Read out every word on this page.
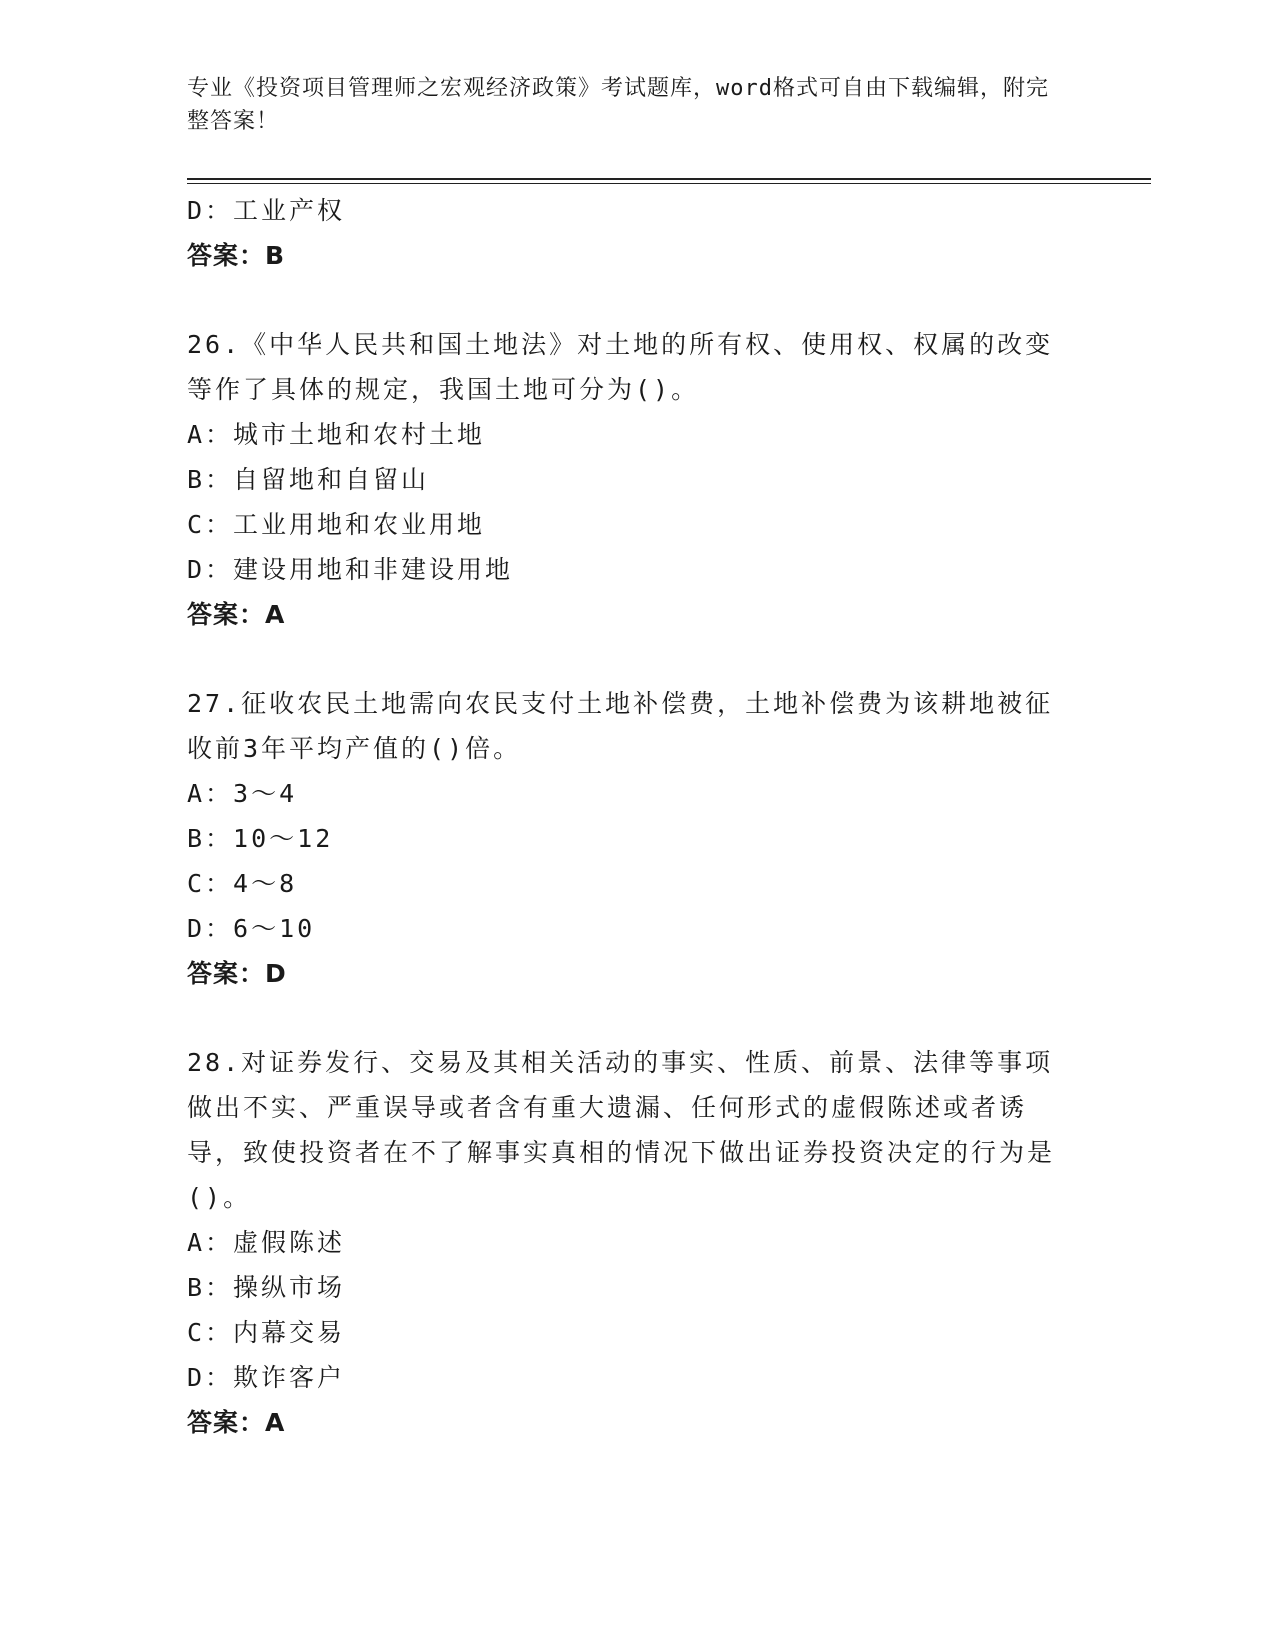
专业《投资项目管理师之宏观经济政策》考试题库，word格式可自由下载编辑，附完整答案！
D：工业产权
答案：B
26.《中华人民共和国土地法》对土地的所有权、使用权、权属的改变等作了具体的规定，我国土地可分为()。
A：城市土地和农村土地
B：自留地和自留山
C：工业用地和农业用地
D：建设用地和非建设用地
答案：A
27.征收农民土地需向农民支付土地补偿费，土地补偿费为该耕地被征收前3年平均产值的()倍。
A：3～4
B：10～12
C：4～8
D：6～10
答案：D
28.对证券发行、交易及其相关活动的事实、性质、前景、法律等事项做出不实、严重误导或者含有重大遗漏、任何形式的虚假陈述或者诱导，致使投资者在不了解事实真相的情况下做出证券投资决定的行为是()。
A：虚假陈述
B：操纵市场
C：内幕交易
D：欺诈客户
答案：A
